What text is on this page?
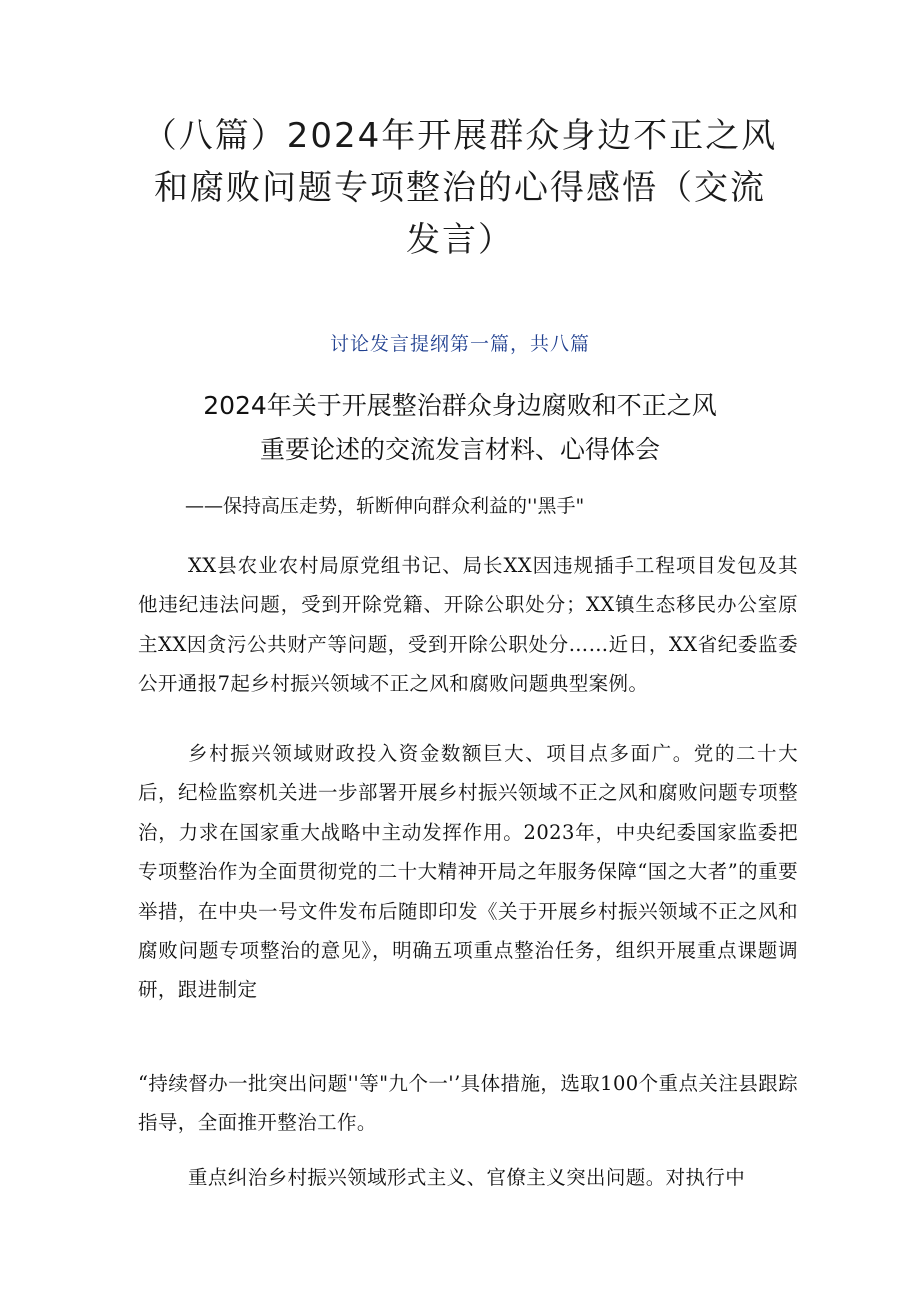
（八篇）2024年开展群众身边不正之风和腐败问题专项整治的心得感悟（交流发言）
讨论发言提纲第一篇，共八篇
2024年关于开展整治群众身边腐败和不正之风
重要论述的交流发言材料、心得体会
——保持高压走势，斩断伸向群众利益的''黑手"

XX县农业农村局原党组书记、局长XX因违规插手工程项目发包及其他违纪违法问题，受到开除党籍、开除公职处分；XX镇生态移民办公室原主XX因贪污公共财产等问题，受到开除公职处分……近日，XX省纪委监委公开通报7起乡村振兴领域不正之风和腐败问题典型案例。

乡村振兴领域财政投入资金数额巨大、项目点多面广。党的二十大后，纪检监察机关进一步部署开展乡村振兴领域不正之风和腐败问题专项整治，力求在国家重大战略中主动发挥作用。2023年，中央纪委国家监委把专项整治作为全面贯彻党的二十大精神开局之年服务保障“国之大者”的重要举措，在中央一号文件发布后随即印发《关于开展乡村振兴领域不正之风和腐败问题专项整治的意见》，明确五项重点整治任务，组织开展重点课题调研，跟进制定

“持续督办一批突出问题''等"九个一'’具体措施，选取100个重点关注县跟踪指导，全面推开整治工作。

重点纠治乡村振兴领域形式主义、官僚主义突出问题。对执行中
